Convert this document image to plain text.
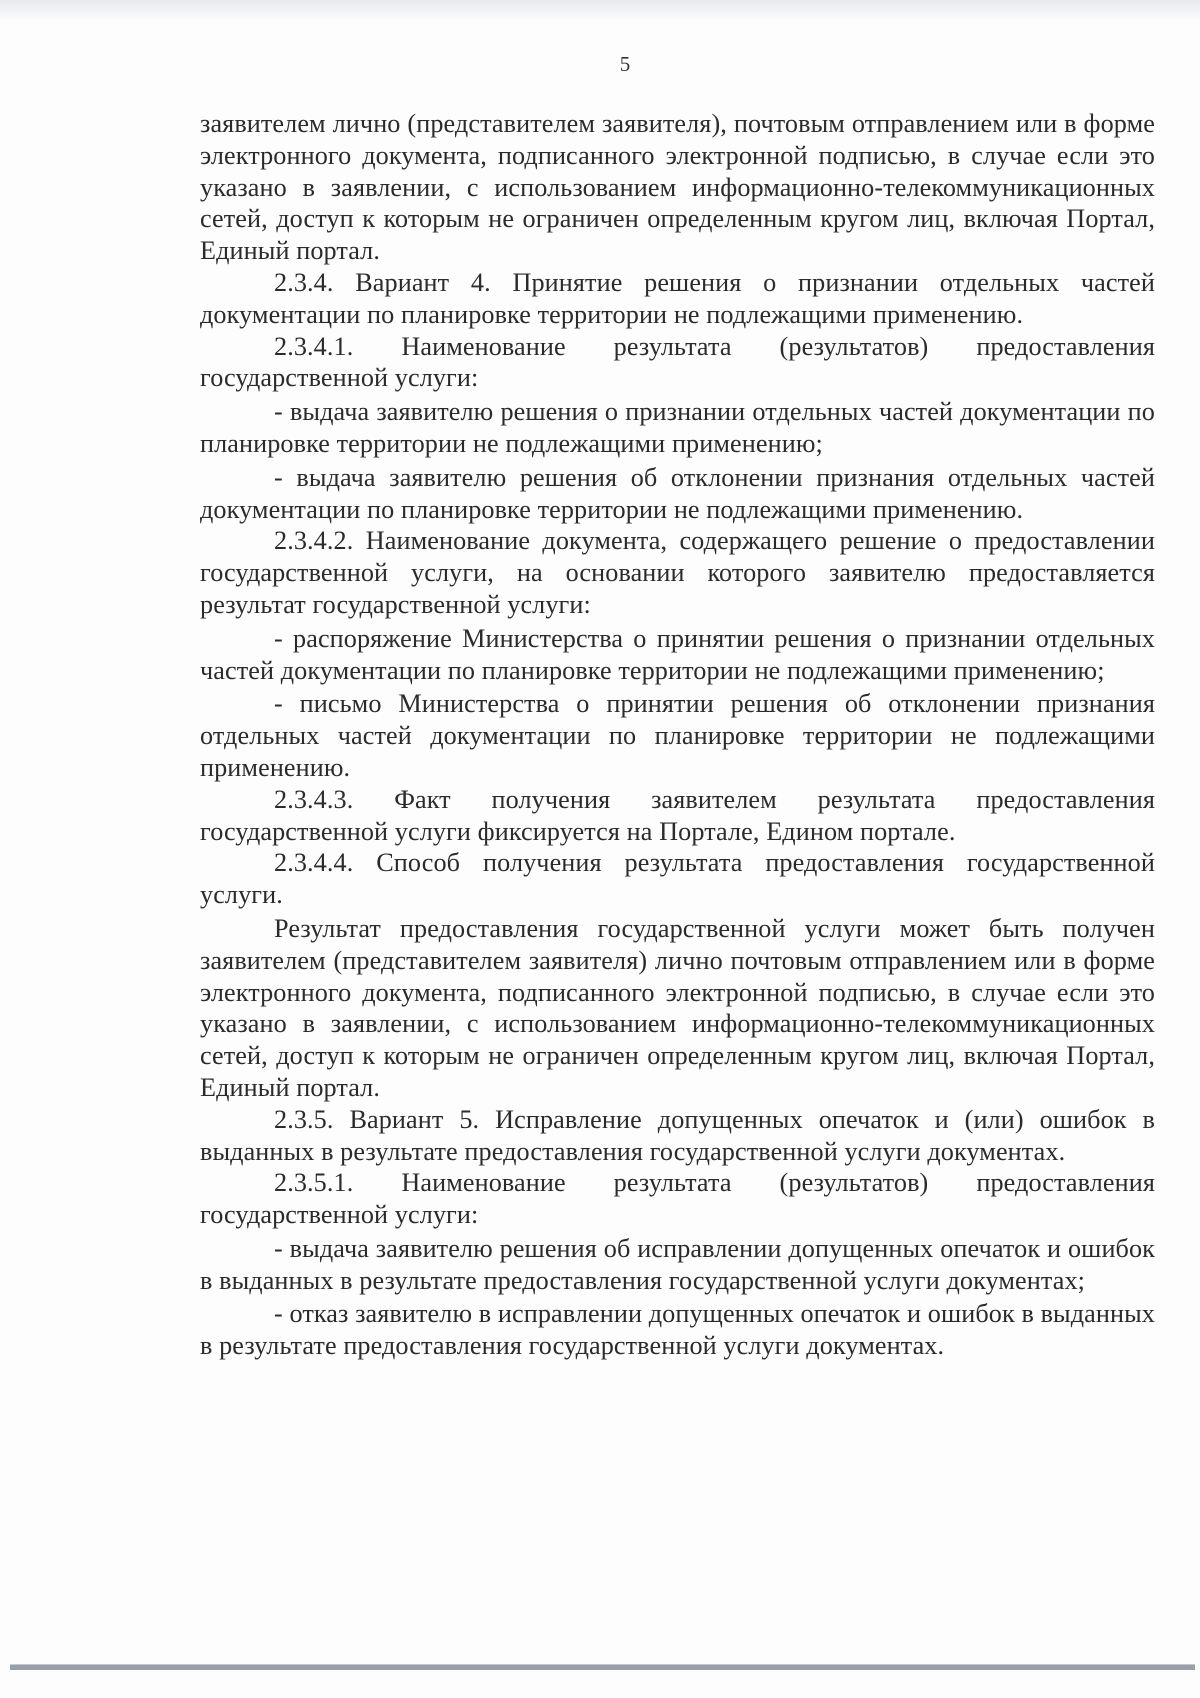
5

заявителем лично (представителем заявителя), почтовым отправлением или в форме электронного документа, подписанного электронной подписью, в случае если это указано в заявлении, с использованием информационно-телекоммуникационных сетей, доступ к которым не ограничен определенным кругом лиц, включая Портал, Единый портал.

2.3.4. Вариант 4. Принятие решения о признании отдельных частей документации по планировке территории не подлежащими применению.

2.3.4.1. Наименование результата (результатов) предоставления государственной услуги:

- выдача заявителю решения о признании отдельных частей документации по планировке территории не подлежащими применению;

- выдача заявителю решения об отклонении признания отдельных частей документации по планировке территории не подлежащими применению.

2.3.4.2. Наименование документа, содержащего решение о предоставлении государственной услуги, на основании которого заявителю предоставляется результат государственной услуги:

- распоряжение Министерства о принятии решения о признании отдельных частей документации по планировке территории не подлежащими применению;

- письмо Министерства о принятии решения об отклонении признания отдельных частей документации по планировке территории не подлежащими применению.

2.3.4.3. Факт получения заявителем результата предоставления государственной услуги фиксируется на Портале, Едином портале.

2.3.4.4. Способ получения результата предоставления государственной услуги.

Результат предоставления государственной услуги может быть получен заявителем (представителем заявителя) лично почтовым отправлением или в форме электронного документа, подписанного электронной подписью, в случае если это указано в заявлении, с использованием информационно-телекоммуникационных сетей, доступ к которым не ограничен определенным кругом лиц, включая Портал, Единый портал.

2.3.5. Вариант 5. Исправление допущенных опечаток и (или) ошибок в выданных в результате предоставления государственной услуги документах.

2.3.5.1. Наименование результата (результатов) предоставления государственной услуги:

- выдача заявителю решения об исправлении допущенных опечаток и ошибок в выданных в результате предоставления государственной услуги документах;

- отказ заявителю в исправлении допущенных опечаток и ошибок в выданных в результате предоставления государственной услуги документах.
